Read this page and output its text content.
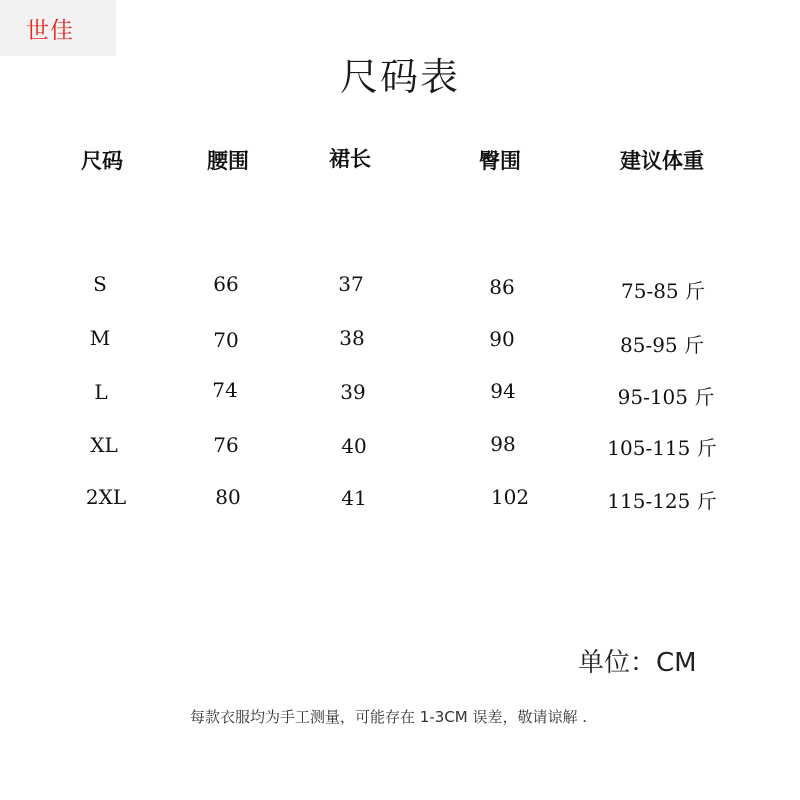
世佳
尺码表
尺码	腰围	裙长	臀围	建议体重
S	66	37	86	75-85 斤
M	70	38	90	85-95 斤
L	74	39	94	95-105 斤
XL	76	40	98	105-115 斤
2XL	80	41	102	115-125 斤
单位：CM
每款衣服均为手工测量，可能存在 1-3CM 误差，敬请谅解 .
